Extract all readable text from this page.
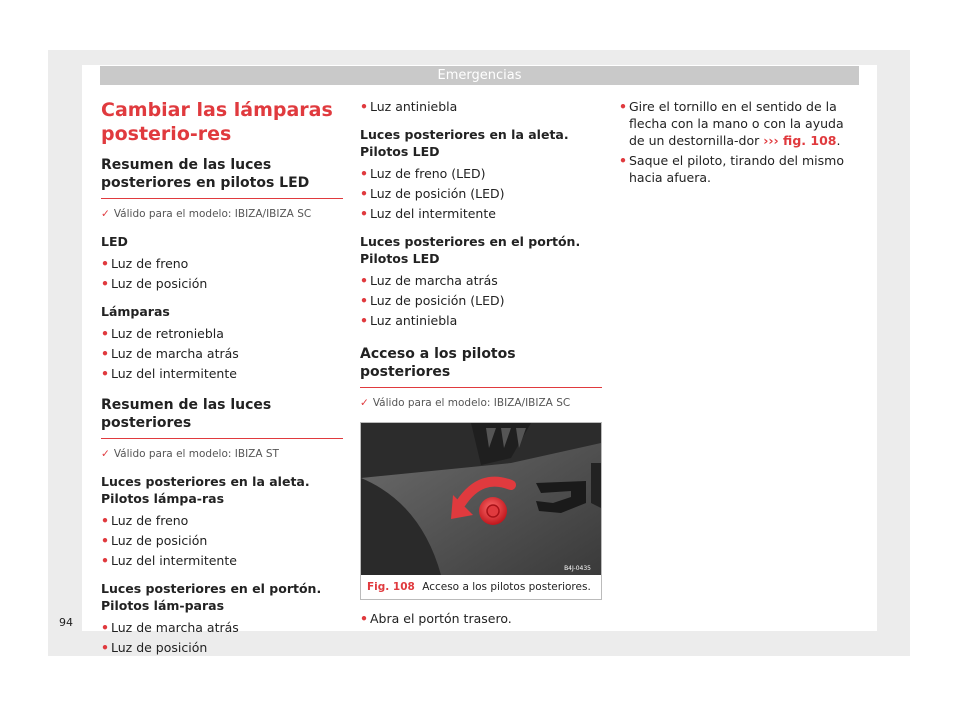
Emergencias
Cambiar las lámparas posterio-res
Resumen de las luces posteriores en pilotos LED
✓ Válido para el modelo: IBIZA/IBIZA SC
LED
• Luz de freno
• Luz de posición
Lámparas
• Luz de retroniebla
• Luz de marcha atrás
• Luz del intermitente
Resumen de las luces posteriores
✓ Válido para el modelo: IBIZA ST
Luces posteriores en la aleta. Pilotos lámpa-ras
• Luz de freno
• Luz de posición
• Luz del intermitente
Luces posteriores en el portón. Pilotos lám-paras
• Luz de marcha atrás
• Luz de posición
• Luz antiniebla
Luces posteriores en la aleta. Pilotos LED
• Luz de freno (LED)
• Luz de posición (LED)
• Luz del intermitente
Luces posteriores en el portón. Pilotos LED
• Luz de marcha atrás
• Luz de posición (LED)
• Luz antiniebla
Acceso a los pilotos posteriores
✓ Válido para el modelo: IBIZA/IBIZA SC
B4J-0435
Fig. 108 Acceso a los pilotos posteriores.
• Abra el portón trasero.
• Gire el tornillo en el sentido de la flecha con la mano o con la ayuda de un destornilla-dor ››› fig. 108.
• Saque el piloto, tirando del mismo hacia afuera.
94
